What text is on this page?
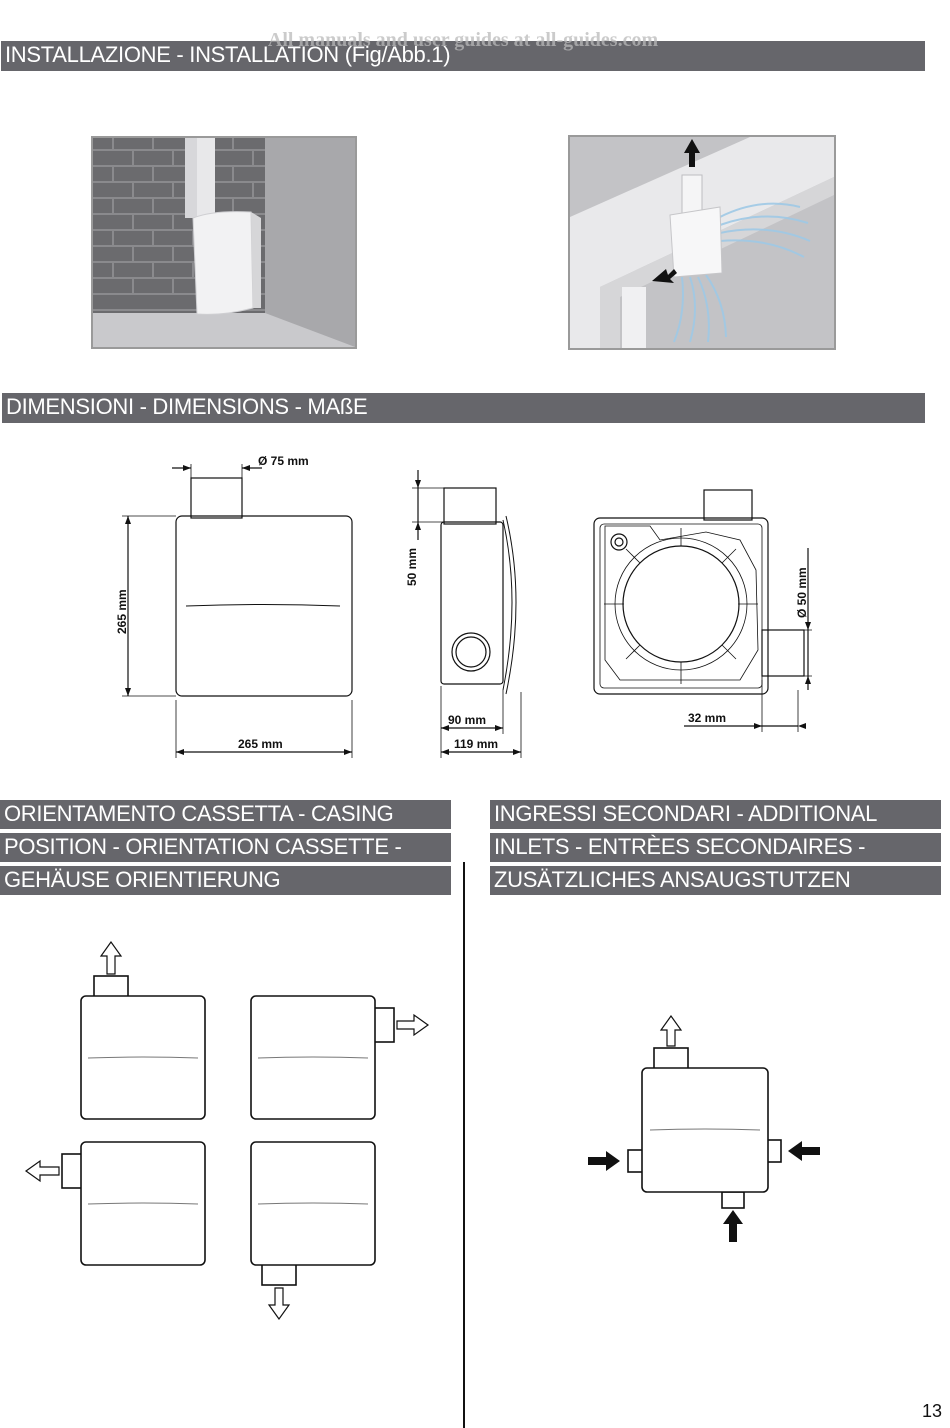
All manuals and user guides at all-guides.com
INSTALLAZIONE - INSTALLATION (Fig/Abb.1)
DIMENSIONI - DIMENSIONS - MAßE
Ø 75 mm
265 mm
265 mm
50 mm
90 mm
119 mm
Ø 50 mm
32 mm
ORIENTAMENTO CASSETTA - CASING
POSITION - ORIENTATION CASSETTE -
GEHÄUSE ORIENTIERUNG
INGRESSI SECONDARI - ADDITIONAL
INLETS - ENTRÈES SECONDAIRES -
ZUSÄTZLICHES ANSAUGSTUTZEN
13
